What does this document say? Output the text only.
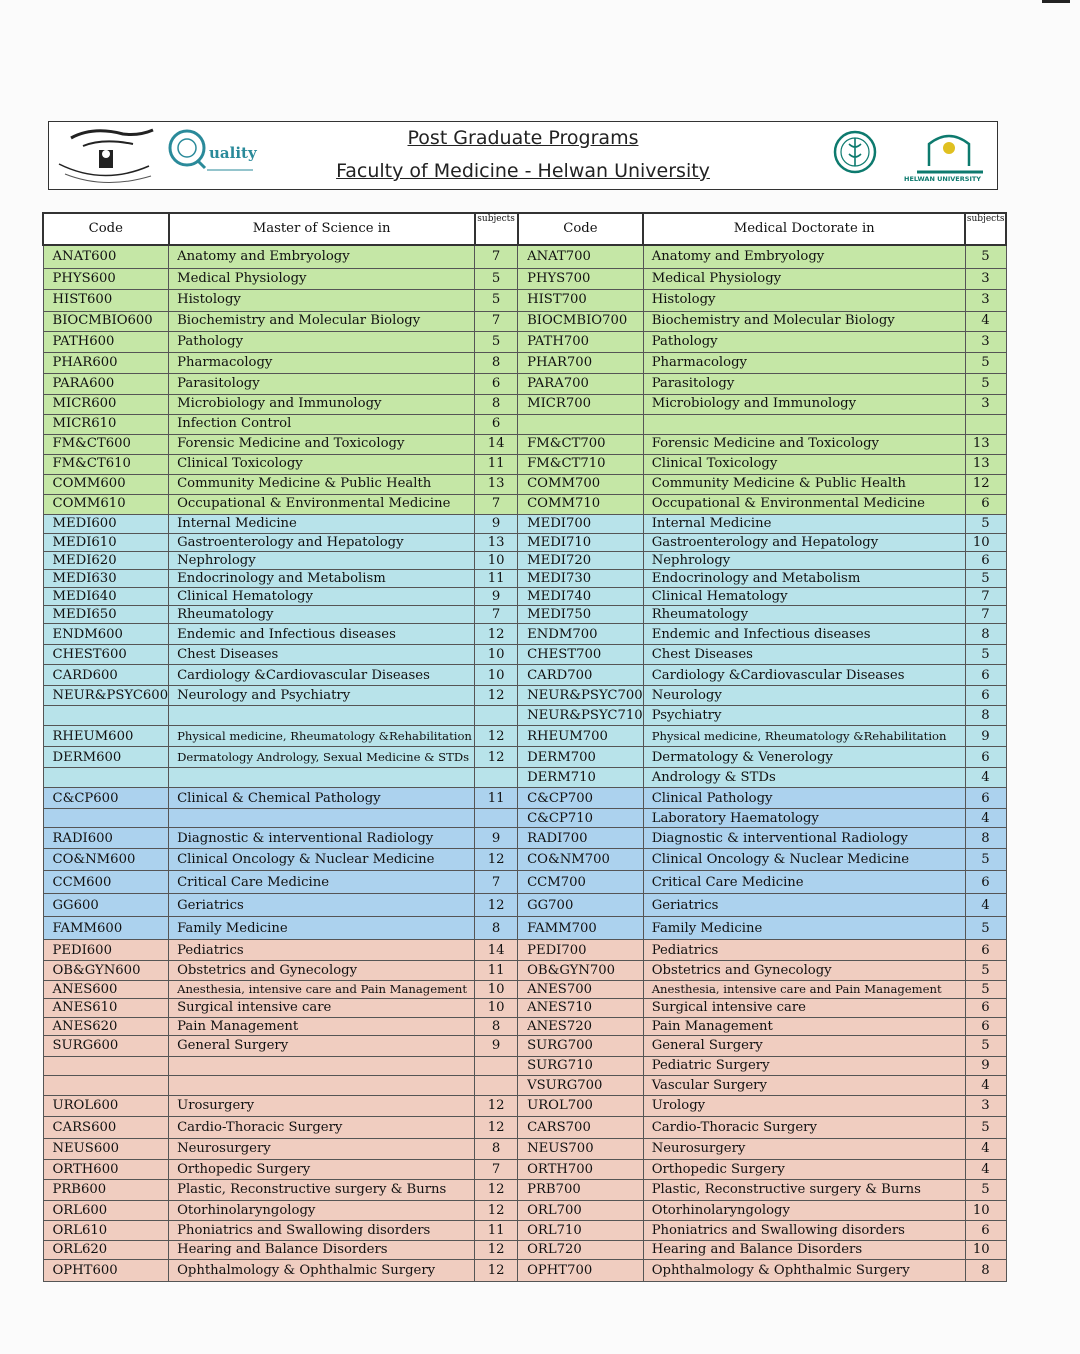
uality
Post Graduate Programs
Faculty of Medicine - Helwan University	HELWAN UNIVERSITY
Code	Master of Science in	subjects	Code	Medical Doctorate in	subjects
ANAT600	Anatomy and Embryology	7	ANAT700	Anatomy and Embryology	5
PHYS600	Medical Physiology	5	PHYS700	Medical Physiology	3
HIST600	Histology	5	HIST700	Histology	3
BIOCMBIO600	Biochemistry and Molecular Biology	7	BIOCMBIO700	Biochemistry and Molecular Biology	4
PATH600	Pathology	5	PATH700	Pathology	3
PHAR600	Pharmacology	8	PHAR700	Pharmacology	5
PARA600	Parasitology	6	PARA700	Parasitology	5
MICR600	Microbiology and Immunology	8	MICR700	Microbiology and Immunology	3
MICR610	Infection Control	6			
FM&CT600	Forensic Medicine and Toxicology	14	FM&CT700	Forensic Medicine and Toxicology	13
FM&CT610	Clinical Toxicology	11	FM&CT710	Clinical Toxicology	13
COMM600	Community Medicine & Public Health	13	COMM700	Community Medicine & Public Health	12
COMM610	Occupational & Environmental Medicine	7	COMM710	Occupational & Environmental Medicine	6
MEDI600	Internal Medicine	9	MEDI700	Internal Medicine	5
MEDI610	Gastroenterology and Hepatology	13	MEDI710	Gastroenterology and Hepatology	10
MEDI620	Nephrology	10	MEDI720	Nephrology	6
MEDI630	Endocrinology and Metabolism	11	MEDI730	Endocrinology and Metabolism	5
MEDI640	Clinical Hematology	9	MEDI740	Clinical Hematology	7
MEDI650	Rheumatology	7	MEDI750	Rheumatology	7
ENDM600	Endemic and Infectious diseases	12	ENDM700	Endemic and Infectious diseases	8
CHEST600	Chest Diseases	10	CHEST700	Chest Diseases	5
CARD600	Cardiology &Cardiovascular Diseases	10	CARD700	Cardiology &Cardiovascular Diseases	6
NEUR&PSYC600	Neurology and Psychiatry	12	NEUR&PSYC700	Neurology	6
			NEUR&PSYC710	Psychiatry	8
RHEUM600	Physical medicine, Rheumatology &Rehabilitation	12	RHEUM700	Physical medicine, Rheumatology &Rehabilitation	9
DERM600	Dermatology Andrology, Sexual Medicine & STDs	12	DERM700	Dermatology & Venerology	6
			DERM710	Andrology & STDs	4
C&CP600	Clinical & Chemical Pathology	11	C&CP700	Clinical Pathology	6
			C&CP710	Laboratory Haematology	4
RADI600	Diagnostic & interventional Radiology	9	RADI700	Diagnostic & interventional Radiology	8
CO&NM600	Clinical Oncology & Nuclear Medicine	12	CO&NM700	Clinical Oncology & Nuclear Medicine	5
CCM600	Critical Care Medicine	7	CCM700	Critical Care Medicine	6
GG600	Geriatrics	12	GG700	Geriatrics	4
FAMM600	Family Medicine	8	FAMM700	Family Medicine	5
PEDI600	Pediatrics	14	PEDI700	Pediatrics	6
OB&GYN600	Obstetrics and Gynecology	11	OB&GYN700	Obstetrics and Gynecology	5
ANES600	Anesthesia, intensive care and Pain Management	10	ANES700	Anesthesia, intensive care and Pain Management	5
ANES610	Surgical intensive care	10	ANES710	Surgical intensive care	6
ANES620	Pain Management	8	ANES720	Pain Management	6
SURG600	General Surgery	9	SURG700	General Surgery	5
			SURG710	Pediatric Surgery	9
			VSURG700	Vascular Surgery	4
UROL600	Urosurgery	12	UROL700	Urology	3
CARS600	Cardio-Thoracic Surgery	12	CARS700	Cardio-Thoracic Surgery	5
NEUS600	Neurosurgery	8	NEUS700	Neurosurgery	4
ORTH600	Orthopedic Surgery	7	ORTH700	Orthopedic Surgery	4
PRB600	Plastic, Reconstructive surgery & Burns	12	PRB700	Plastic, Reconstructive surgery & Burns	5
ORL600	Otorhinolaryngology	12	ORL700	Otorhinolaryngology	10
ORL610	Phoniatrics and Swallowing disorders	11	ORL710	Phoniatrics and Swallowing disorders	6
ORL620	Hearing and Balance Disorders	12	ORL720	Hearing and Balance Disorders	10
OPHT600	Ophthalmology & Ophthalmic Surgery	12	OPHT700	Ophthalmology & Ophthalmic Surgery	8
